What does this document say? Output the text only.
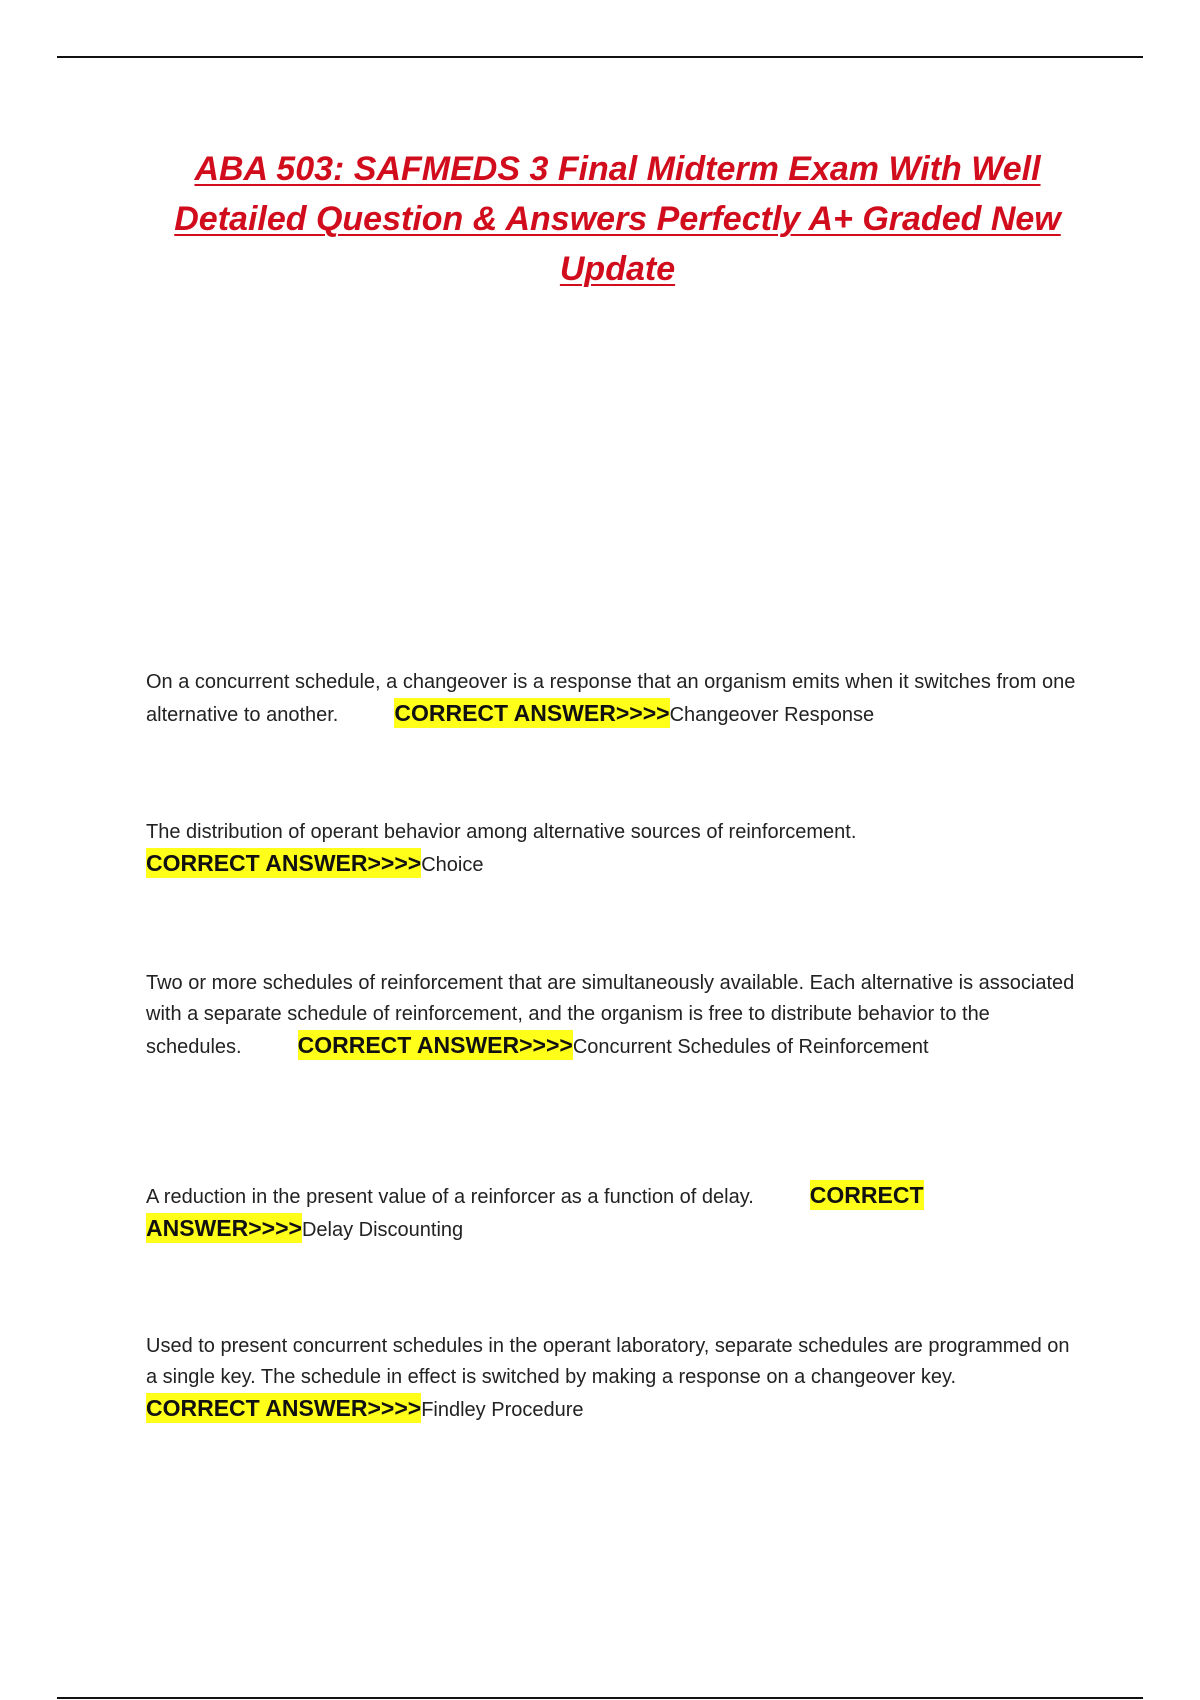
ABA 503: SAFMEDS 3 Final Midterm Exam With Well Detailed Question & Answers Perfectly A+ Graded New Update
On a concurrent schedule, a changeover is a response that an organism emits when it switches from one alternative to another. CORRECT ANSWER>>>>Changeover Response
The distribution of operant behavior among alternative sources of reinforcement.
CORRECT ANSWER>>>>Choice
Two or more schedules of reinforcement that are simultaneously available. Each alternative is associated with a separate schedule of reinforcement, and the organism is free to distribute behavior to the schedules. CORRECT ANSWER>>>>Concurrent Schedules of Reinforcement
A reduction in the present value of a reinforcer as a function of delay. CORRECT ANSWER>>>>Delay Discounting
Used to present concurrent schedules in the operant laboratory, separate schedules are programmed on a single key. The schedule in effect is switched by making a response on a changeover key.CORRECT ANSWER>>>>Findley Procedure
